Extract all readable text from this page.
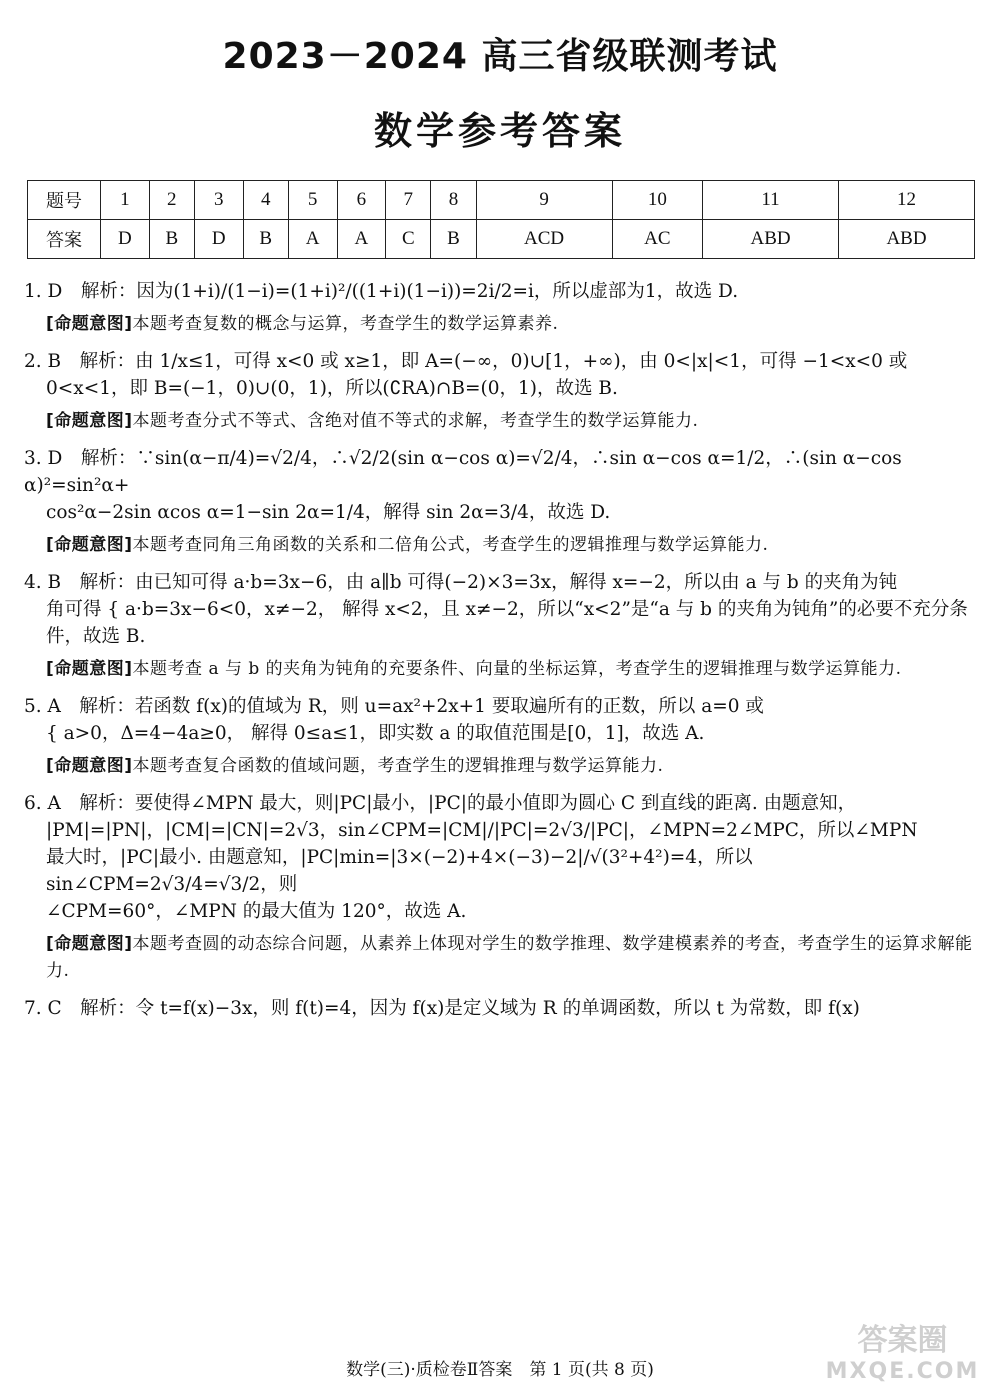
2023－2024 高三省级联测考试
数学参考答案
题号	1	2	3	4	5	6	7	8	9	10	11	12
答案	D	B	D	B	A	A	C	B	ACD	AC	ABD	ABD
1. D　解析：因为(1+i)/(1−i)=(1+i)²/((1+i)(1−i))=2i/2=i，所以虚部为1，故选 D.
[命题意图]本题考查复数的概念与运算，考查学生的数学运算素养.
2. B　解析：由 1/x≤1，可得 x<0 或 x≥1，即 A=(−∞，0)∪[1，+∞)，由 0<|x|<1，可得 −1<x<0 或
0<x<1，即 B=(−1，0)∪(0，1)，所以(∁RA)∩B=(0，1)，故选 B.
[命题意图]本题考查分式不等式、含绝对值不等式的求解，考查学生的数学运算能力.
3. D　解析：∵sin(α−π/4)=√2/4，∴√2/2(sin α−cos α)=√2/4，∴sin α−cos α=1/2，∴(sin α−cos α)²=sin²α+
cos²α−2sin αcos α=1−sin 2α=1/4，解得 sin 2α=3/4，故选 D.
[命题意图]本题考查同角三角函数的关系和二倍角公式，考查学生的逻辑推理与数学运算能力.
4. B　解析：由已知可得 a·b=3x−6，由 a∥b 可得(−2)×3=3x，解得 x=−2，所以由 a 与 b 的夹角为钝
角可得 { a·b=3x−6<0，x≠−2， 解得 x<2，且 x≠−2，所以“x<2”是“a 与 b 的夹角为钝角”的必要不充分条
件，故选 B.
[命题意图]本题考查 a 与 b 的夹角为钝角的充要条件、向量的坐标运算，考查学生的逻辑推理与数学运算能力.
5. A　解析：若函数 f(x)的值域为 R，则 u=ax²+2x+1 要取遍所有的正数，所以 a=0 或
{ a>0，Δ=4−4a≥0， 解得 0≤a≤1，即实数 a 的取值范围是[0，1]，故选 A.
[命题意图]本题考查复合函数的值域问题，考查学生的逻辑推理与数学运算能力.
6. A　解析：要使得∠MPN 最大，则|PC|最小，|PC|的最小值即为圆心 C 到直线的距离. 由题意知，
|PM|=|PN|，|CM|=|CN|=2√3，sin∠CPM=|CM|/|PC|=2√3/|PC|，∠MPN=2∠MPC，所以∠MPN
最大时，|PC|最小. 由题意知，|PC|min=|3×(−2)+4×(−3)−2|/√(3²+4²)=4，所以 sin∠CPM=2√3/4=√3/2，则
∠CPM=60°，∠MPN 的最大值为 120°，故选 A.
[命题意图]本题考查圆的动态综合问题，从素养上体现对学生的数学推理、数学建模素养的考查，考查学生的运算求解能力.
7. C　解析：令 t=f(x)−3x，则 f(t)=4，因为 f(x)是定义域为 R 的单调函数，所以 t 为常数，即 f(x)
数学(三)·质检卷Ⅱ答案　第 1 页(共 8 页)
答案圈
MXQE.COM
